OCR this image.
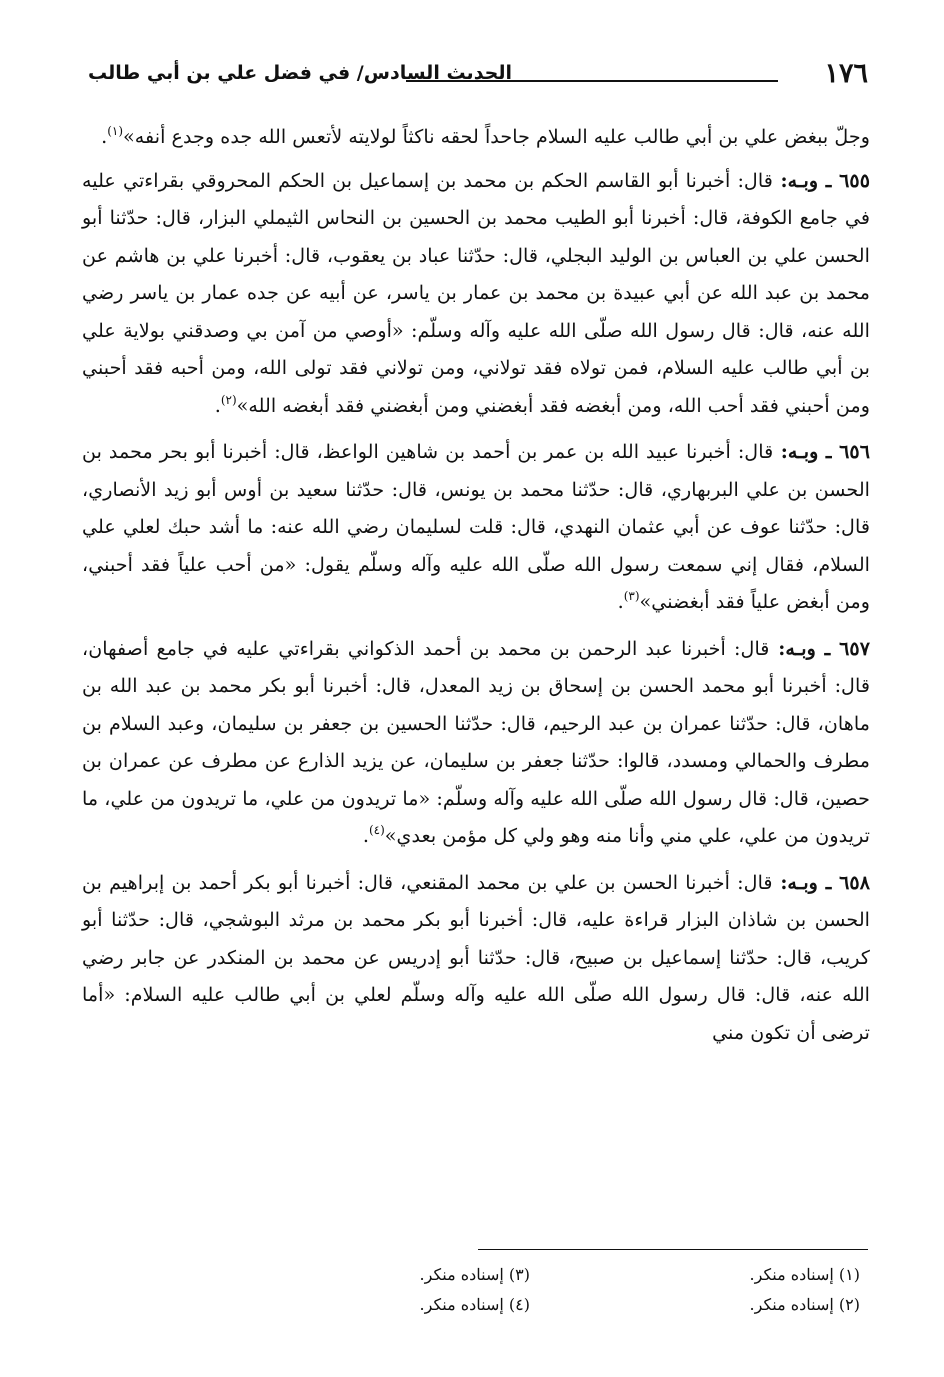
١٧٦
الحديث السادس/ في فضل علي بن أبي طالب

وجلّ ببغض علي بن أبي طالب عليه السلام جاحداً لحقه ناكثاً لولايته لأتعس الله جده وجدع أنفه»$^{(١)}$.

٦٥٥ ـ وبـه: قال: أخبرنا أبو القاسم الحكم بن محمد بن إسماعيل بن الحكم المحروقي بقراءتي عليه في جامع الكوفة، قال: أخبرنا أبو الطيب محمد بن الحسين بن النحاس الثيملي البزار، قال: حدّثنا أبو الحسن علي بن العباس بن الوليد البجلي، قال: حدّثنا عباد بن يعقوب، قال: أخبرنا علي بن هاشم عن محمد بن عبد الله عن أبي عبيدة بن محمد بن عمار بن ياسر، عن أبيه عن جده عمار بن ياسر رضي الله عنه، قال: قال رسول الله صلّى الله عليه وآله وسلّم: «أوصي من آمن بي وصدقني بولاية علي بن أبي طالب عليه السلام، فمن تولاه فقد تولاني، ومن تولاني فقد تولى الله، ومن أحبه فقد أحبني ومن أحبني فقد أحب الله، ومن أبغضه فقد أبغضني ومن أبغضني فقد أبغضه الله»$^{(٢)}$.

٦٥٦ ـ وبـه: قال: أخبرنا عبيد الله بن عمر بن أحمد بن شاهين الواعظ، قال: أخبرنا أبو بحر محمد بن الحسن بن علي البربهاري، قال: حدّثنا محمد بن يونس، قال: حدّثنا سعيد بن أوس أبو زيد الأنصاري، قال: حدّثنا عوف عن أبي عثمان النهدي، قال: قلت لسليمان رضي الله عنه: ما أشد حبك لعلي علي السلام، فقال إني سمعت رسول الله صلّى الله عليه وآله وسلّم يقول: «من أحب علياً فقد أحبني، ومن أبغض علياً فقد أبغضني»$^{(٣)}$.

٦٥٧ ـ وبـه: قال: أخبرنا عبد الرحمن بن محمد بن أحمد الذكواني بقراءتي عليه في جامع أصفهان، قال: أخبرنا أبو محمد الحسن بن إسحاق بن زيد المعدل، قال: أخبرنا أبو بكر محمد بن عبد الله بن ماهان، قال: حدّثنا عمران بن عبد الرحيم، قال: حدّثنا الحسين بن جعفر بن سليمان، وعبد السلام بن مطرف والحمالي ومسدد، قالوا: حدّثنا جعفر بن سليمان، عن يزيد الذارع عن مطرف عن عمران بن حصين، قال: قال رسول الله صلّى الله عليه وآله وسلّم: «ما تريدون من علي، ما تريدون من علي، ما تريدون من علي، علي مني وأنا منه وهو ولي كل مؤمن بعدي»$^{(٤)}$.

٦٥٨ ـ وبـه: قال: أخبرنا الحسن بن علي بن محمد المقنعي، قال: أخبرنا أبو بكر أحمد بن إبراهيم بن الحسن بن شاذان البزار قراءة عليه، قال: أخبرنا أبو بكر محمد بن مرثد البوشجي، قال: حدّثنا أبو كريب، قال: حدّثنا إسماعيل بن صبيح، قال: حدّثنا أبو إدريس عن محمد بن المنكدر عن جابر رضي الله عنه، قال: قال رسول الله صلّى الله عليه وآله وسلّم لعلي بن أبي طالب عليه السلام: «أما ترضى أن تكون مني

(١) إسناده منكر.
(٢) إسناده منكر.
(٣) إسناده منكر.
(٤) إسناده منكر.
